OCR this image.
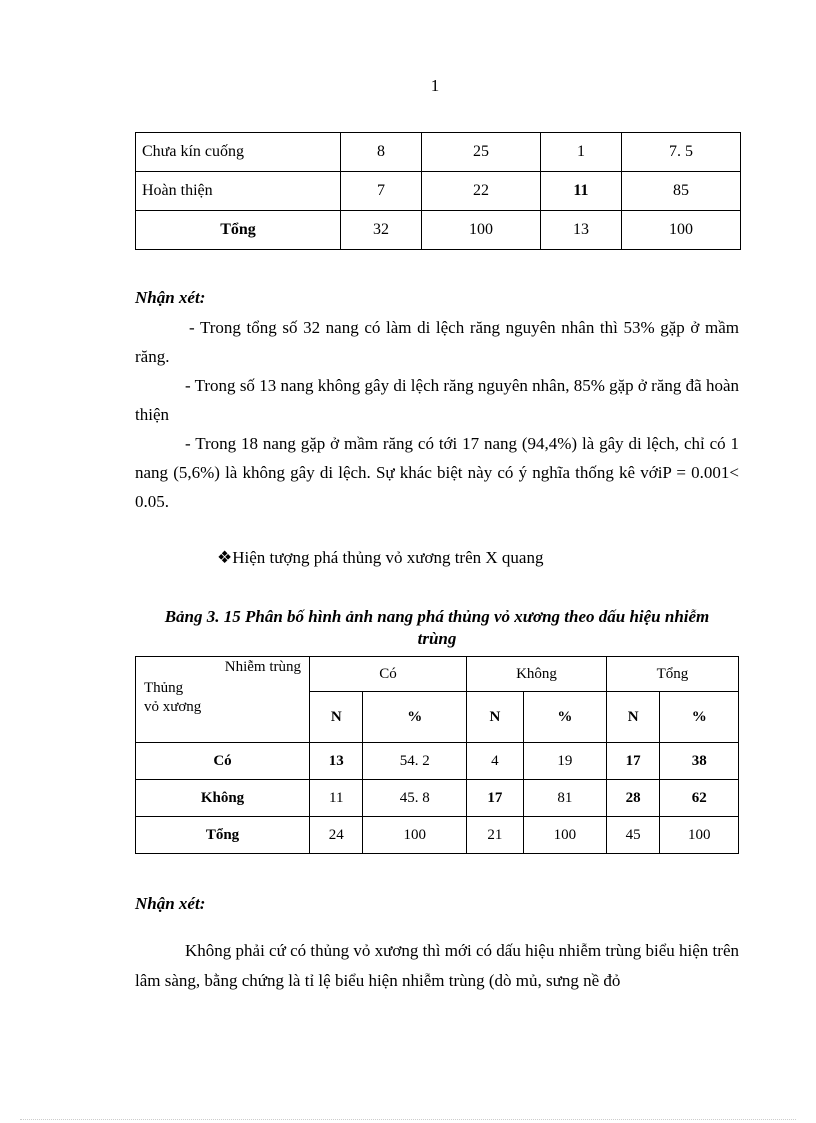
1
Chưa kín cuống	8	25	1	7. 5
Hoàn thiện	7	22	11	85
Tổng	32	100	13	100
Nhận xét:
- Trong tổng số 32 nang có làm di lệch răng nguyên nhân thì 53% gặp ở mầm răng.
- Trong số 13 nang không gây di lệch răng nguyên nhân, 85% gặp ở răng đã hoàn thiện
- Trong 18 nang gặp ở mầm răng có tới 17 nang (94,4%) là gây di lệch, chỉ có 1 nang (5,6%) là không gây di lệch. Sự khác biệt này có ý nghĩa thống kê vớiP = 0.001< 0.05.
❖Hiện tượng phá thủng vỏ xương trên X quang
Bảng 3. 15 Phân bố hình ảnh nang phá thủng vỏ xương theo dấu hiệu nhiễm trùng
Nhiễm trùng
Thủng
vỏ xương	Có		Không		Tổng	
	N	%	N	%	N	%
Có	13	54. 2	4	19	17	38
Không	11	45. 8	17	81	28	62
Tổng	24	100	21	100	45	100
Nhận xét:
Không phải cứ có thủng vỏ xương thì mới có dấu hiệu nhiễm trùng biểu hiện trên lâm sàng, bằng chứng là tỉ lệ biểu hiện nhiễm trùng (dò mủ, sưng nề đỏ
